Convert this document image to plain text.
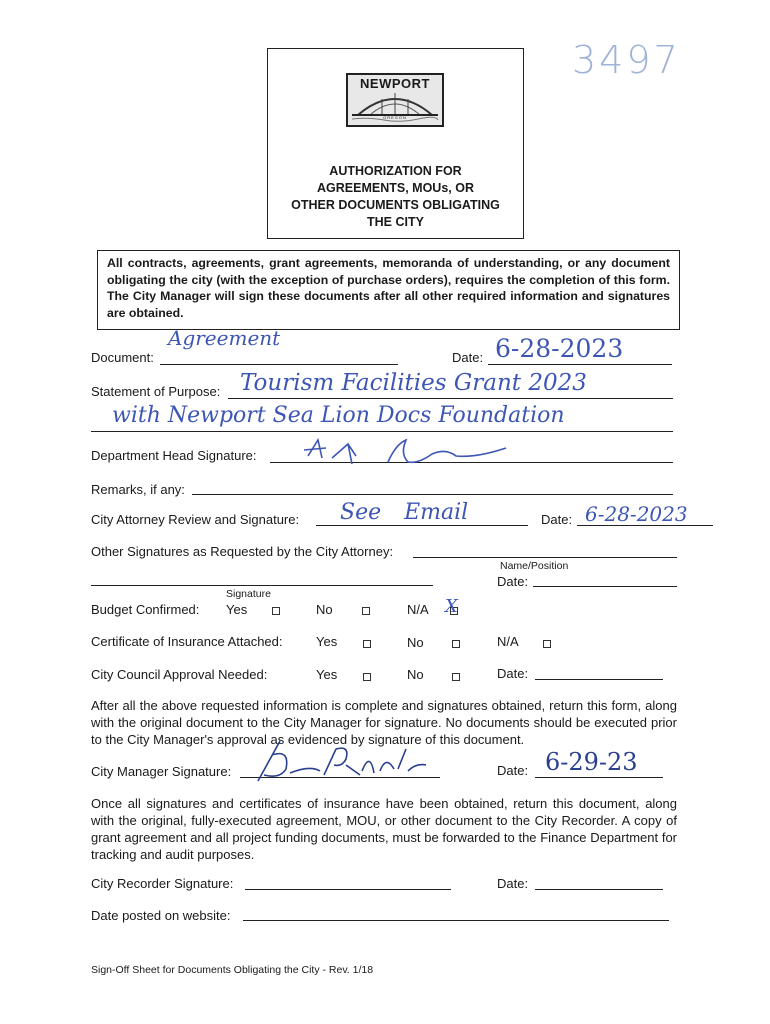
3497
NEWPORT
OREGON
AUTHORIZATION FOR
AGREEMENTS, MOUs, OR
OTHER DOCUMENTS OBLIGATING
THE CITY
All contracts, agreements, grant agreements, memoranda of understanding, or any document obligating the city (with the exception of purchase orders), requires the completion of this form. The City Manager will sign these documents after all other required information and signatures are obtained.
Document:
Agreement
Date: 6-28-2023
Statement of Purpose: Tourism Facilities Grant 2023
with Newport Sea Lion Docs Foundation
Department Head Signature:
Remarks, if any:
City Attorney Review and Signature: See Email	Date: 6-28-2023
Other Signatures as Requested by the City Attorney:
Name/Position
Date:
Signature
Budget Confirmed: Yes	No	N/A X
Certificate of Insurance Attached:	Yes	No	N/A
City Council Approval Needed:	Yes	No	Date:
After all the above requested information is complete and signatures obtained, return this form, along with the original document to the City Manager for signature. No documents should be executed prior to the City Manager's approval as evidenced by signature of this document.
City Manager Signature:	Date: 6-29-23
Once all signatures and certificates of insurance have been obtained, return this document, along with the original, fully-executed agreement, MOU, or other document to the City Recorder. A copy of grant agreement and all project funding documents, must be forwarded to the Finance Department for tracking and audit purposes.
City Recorder Signature:	Date:
Date posted on website:
Sign-Off Sheet for Documents Obligating the City - Rev. 1/18
